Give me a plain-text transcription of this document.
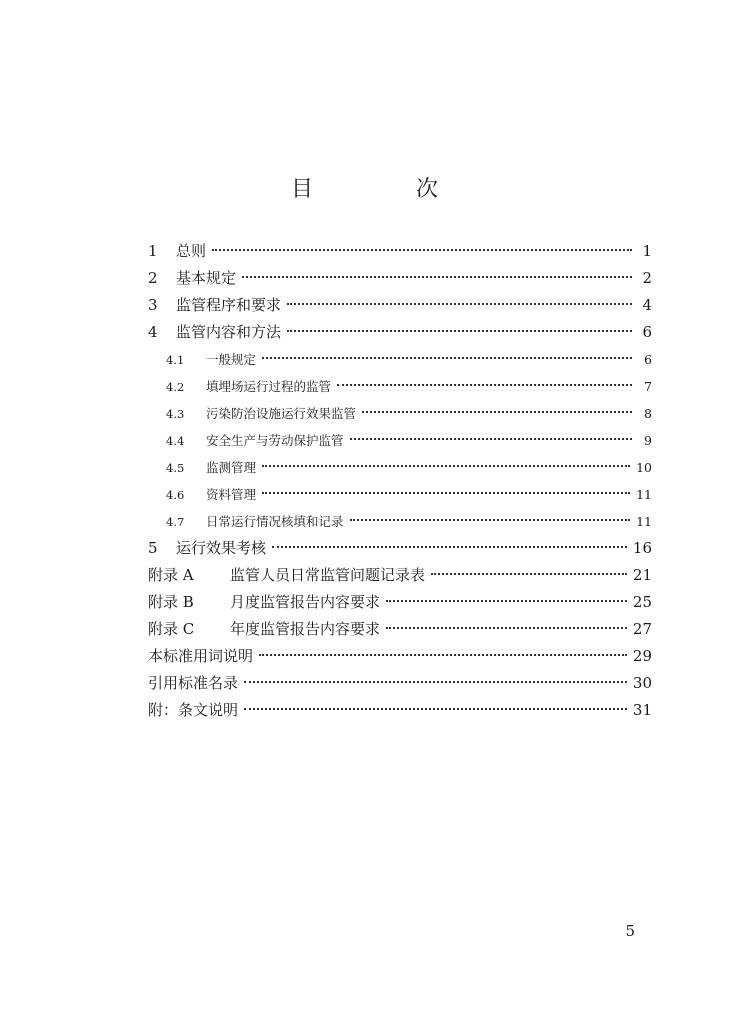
目 次
1	总则	1
2	基本规定	2
3	监管程序和要求	4
4	监管内容和方法	6
4.1	一般规定	6
4.2	填埋场运行过程的监管	7
4.3	污染防治设施运行效果监管	8
4.4	安全生产与劳动保护监管	9
4.5	监测管理	10
4.6	资料管理	11
4.7	日常运行情况核填和记录	11
5	运行效果考核	16
附录 A	监管人员日常监管问题记录表	21
附录 B	月度监管报告内容要求	25
附录 C	年度监管报告内容要求	27
本标准用词说明	29
引用标准名录	30
附：条文说明	31
5
